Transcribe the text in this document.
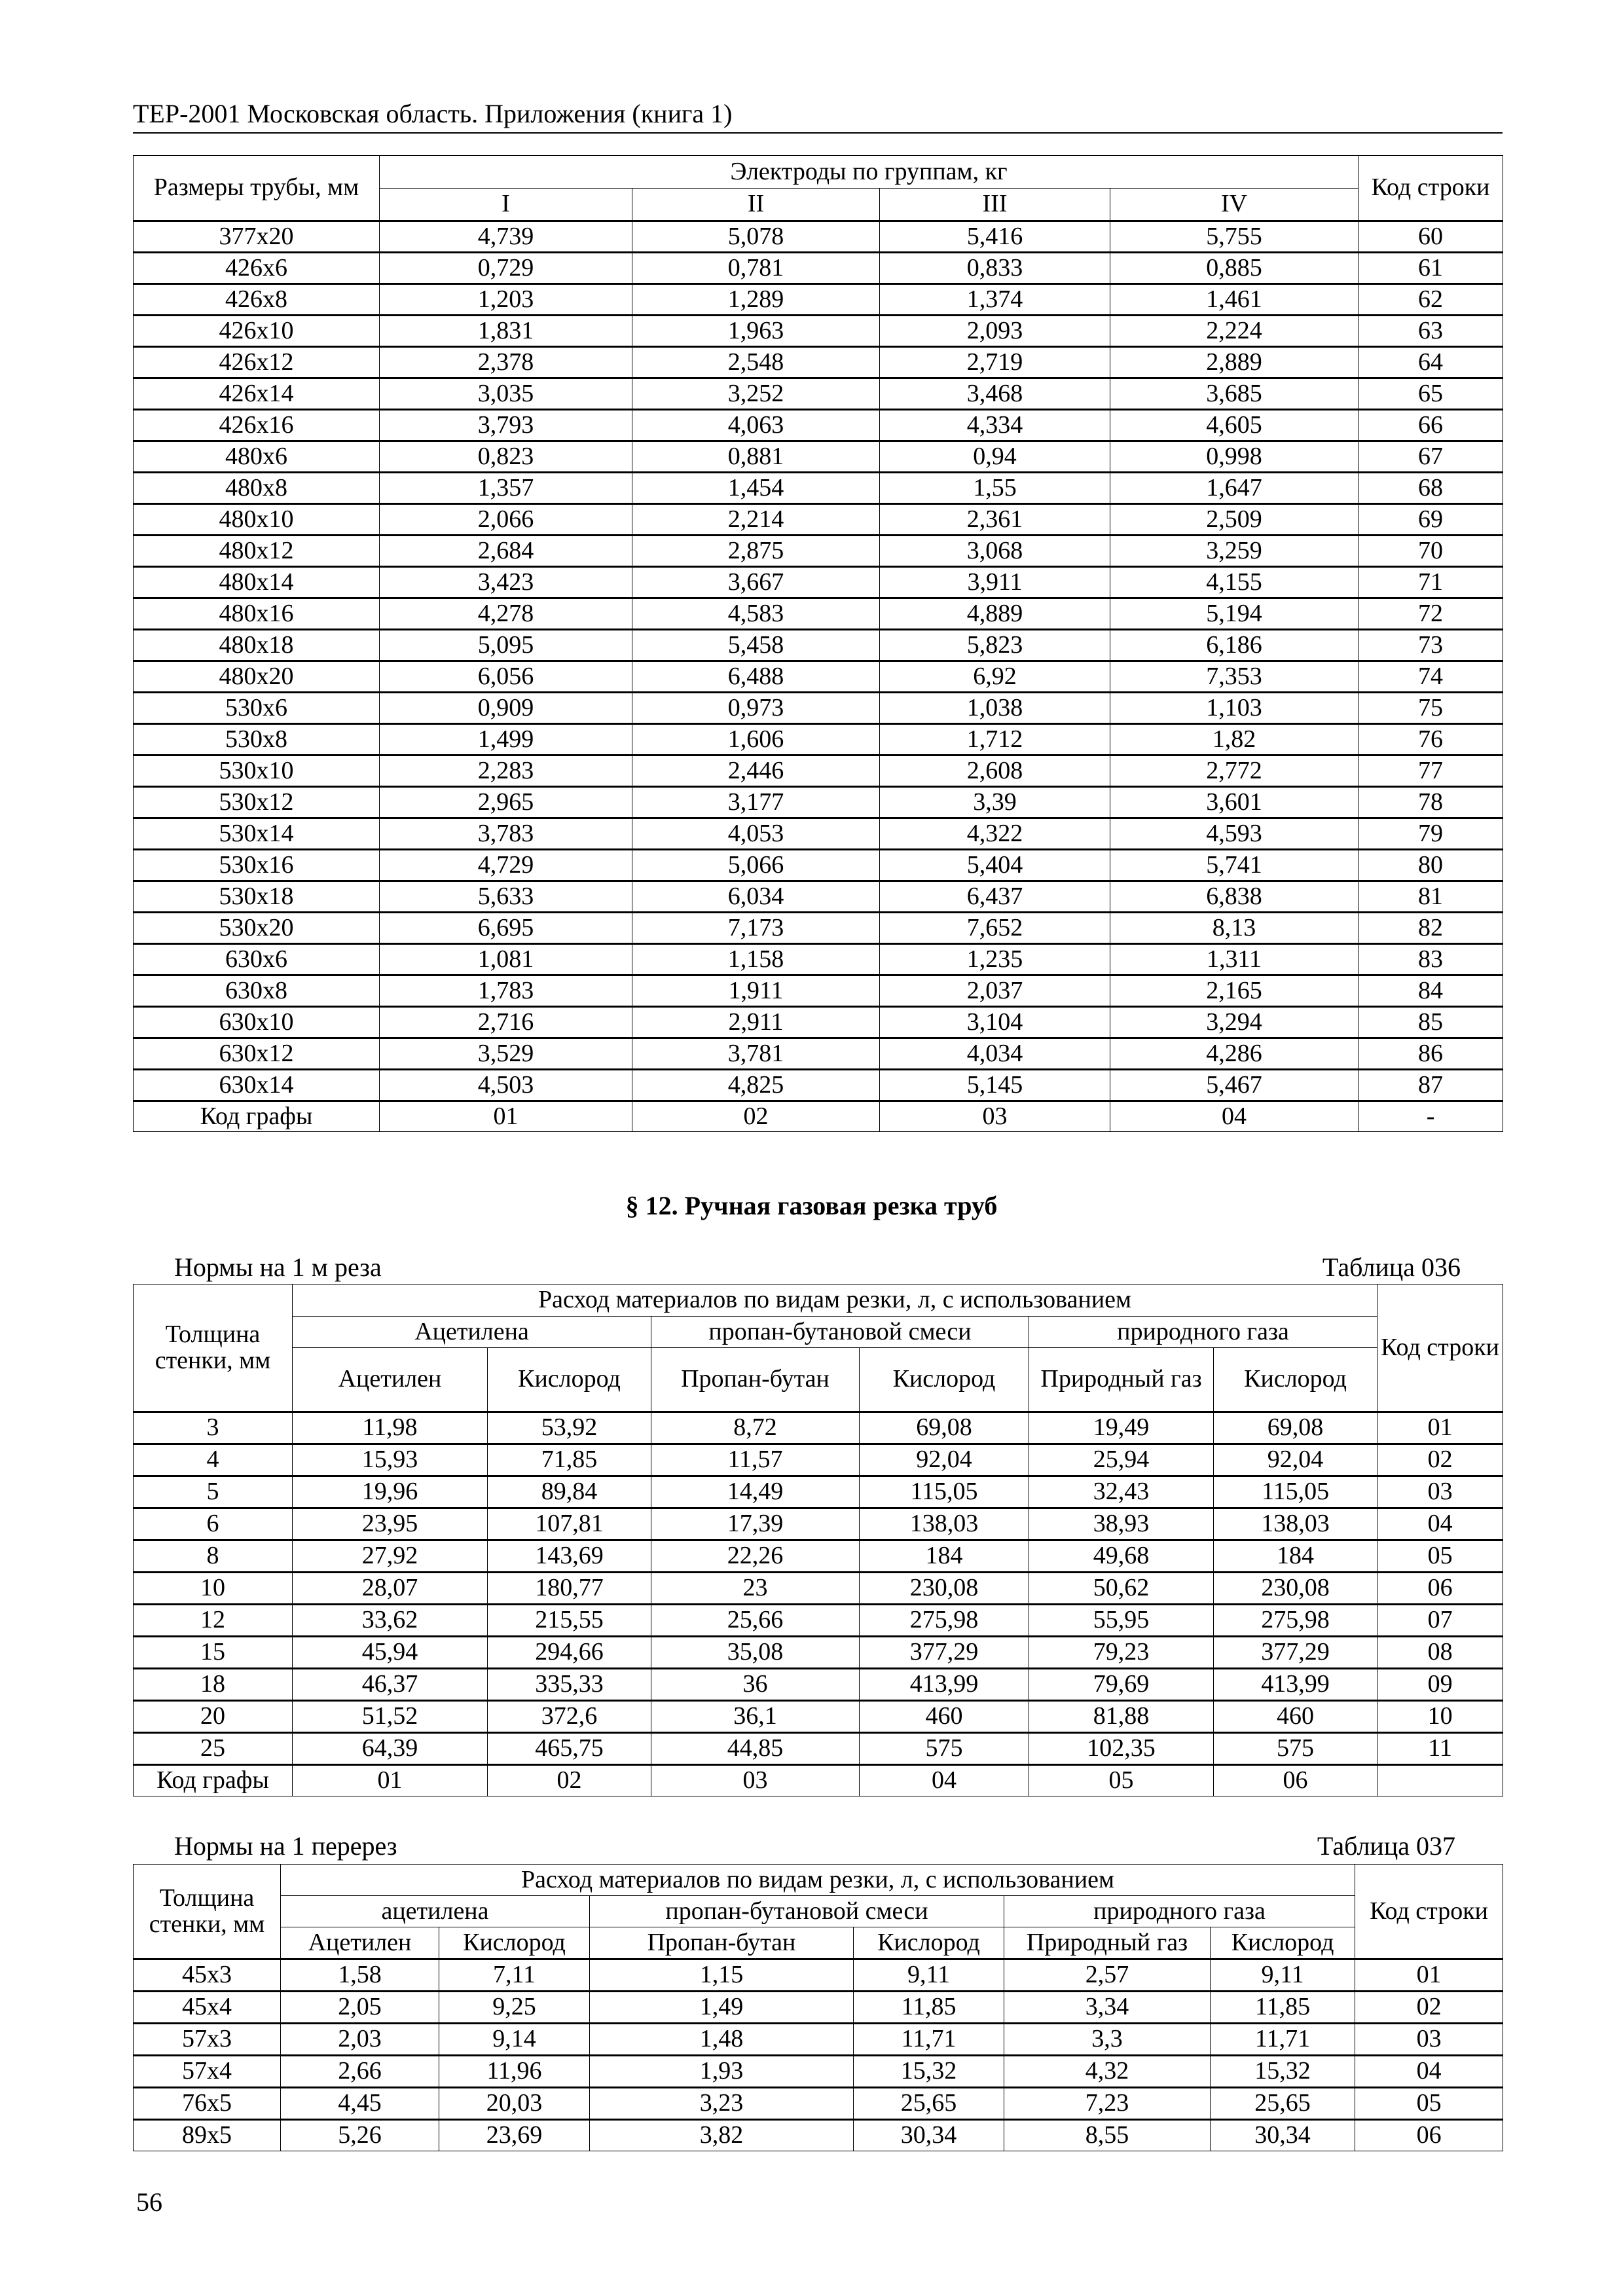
ТЕР-2001 Московская область. Приложения (книга 1)
Размеры трубы, мм	Электроды по группам, кг				Код строки
	I	II	III	IV	
377x20	4,739	5,078	5,416	5,755	60
426x6	0,729	0,781	0,833	0,885	61
426x8	1,203	1,289	1,374	1,461	62
426x10	1,831	1,963	2,093	2,224	63
426x12	2,378	2,548	2,719	2,889	64
426x14	3,035	3,252	3,468	3,685	65
426x16	3,793	4,063	4,334	4,605	66
480x6	0,823	0,881	0,94	0,998	67
480x8	1,357	1,454	1,55	1,647	68
480x10	2,066	2,214	2,361	2,509	69
480x12	2,684	2,875	3,068	3,259	70
480x14	3,423	3,667	3,911	4,155	71
480x16	4,278	4,583	4,889	5,194	72
480x18	5,095	5,458	5,823	6,186	73
480x20	6,056	6,488	6,92	7,353	74
530x6	0,909	0,973	1,038	1,103	75
530x8	1,499	1,606	1,712	1,82	76
530x10	2,283	2,446	2,608	2,772	77
530x12	2,965	3,177	3,39	3,601	78
530x14	3,783	4,053	4,322	4,593	79
530x16	4,729	5,066	5,404	5,741	80
530x18	5,633	6,034	6,437	6,838	81
530x20	6,695	7,173	7,652	8,13	82
630x6	1,081	1,158	1,235	1,311	83
630x8	1,783	1,911	2,037	2,165	84
630x10	2,716	2,911	3,104	3,294	85
630x12	3,529	3,781	4,034	4,286	86
630x14	4,503	4,825	5,145	5,467	87
Код графы	01	02	03	04	-
§ 12. Ручная газовая резка труб
Нормы на 1 м реза	Таблица 036
Толщина стенки, мм	Расход материалов по видам резки, л, с использованием						Код строки
	Ацетилена		пропан-бутановой смеси		природного газа		
	Ацетилен	Кислород	Пропан-бутан	Кислород	Природный газ	Кислород	
3	11,98	53,92	8,72	69,08	19,49	69,08	01
4	15,93	71,85	11,57	92,04	25,94	92,04	02
5	19,96	89,84	14,49	115,05	32,43	115,05	03
6	23,95	107,81	17,39	138,03	38,93	138,03	04
8	27,92	143,69	22,26	184	49,68	184	05
10	28,07	180,77	23	230,08	50,62	230,08	06
12	33,62	215,55	25,66	275,98	55,95	275,98	07
15	45,94	294,66	35,08	377,29	79,23	377,29	08
18	46,37	335,33	36	413,99	79,69	413,99	09
20	51,52	372,6	36,1	460	81,88	460	10
25	64,39	465,75	44,85	575	102,35	575	11
Код графы	01	02	03	04	05	06	
Нормы на 1 перерез	Таблица 037
Толщина стенки, мм	Расход материалов по видам резки, л, с использованием						Код строки
	ацетилена		пропан-бутановой смеси		природного газа		
	Ацетилен	Кислород	Пропан-бутан	Кислород	Природный газ	Кислород	
45x3	1,58	7,11	1,15	9,11	2,57	9,11	01
45x4	2,05	9,25	1,49	11,85	3,34	11,85	02
57x3	2,03	9,14	1,48	11,71	3,3	11,71	03
57x4	2,66	11,96	1,93	15,32	4,32	15,32	04
76x5	4,45	20,03	3,23	25,65	7,23	25,65	05
89x5	5,26	23,69	3,82	30,34	8,55	30,34	06
56
